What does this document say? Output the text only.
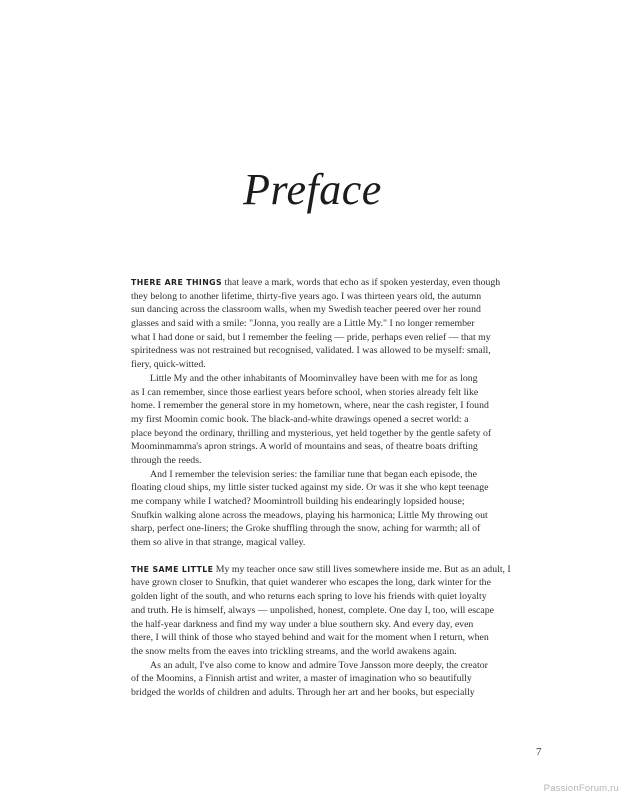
Preface
THERE ARE THINGS that leave a mark, words that echo as if spoken yesterday, even though
they belong to another lifetime, thirty-five years ago. I was thirteen years old, the autumn
sun dancing across the classroom walls, when my Swedish teacher peered over her round
glasses and said with a smile: "Jonna, you really are a Little My." I no longer remember
what I had done or said, but I remember the feeling — pride, perhaps even relief — that my
spiritedness was not restrained but recognised, validated. I was allowed to be myself: small,
fiery, quick-witted.
Little My and the other inhabitants of Moominvalley have been with me for as long
as I can remember, since those earliest years before school, when stories already felt like
home. I remember the general store in my hometown, where, near the cash register, I found
my first Moomin comic book. The black-and-white drawings opened a secret world: a
place beyond the ordinary, thrilling and mysterious, yet held together by the gentle safety of
Moominmamma's apron strings. A world of mountains and seas, of theatre boats drifting
through the reeds.
And I remember the television series: the familiar tune that began each episode, the
floating cloud ships, my little sister tucked against my side. Or was it she who kept teenage
me company while I watched? Moomintroll building his endearingly lopsided house;
Snufkin walking alone across the meadows, playing his harmonica; Little My throwing out
sharp, perfect one-liners; the Groke shuffling through the snow, aching for warmth; all of
them so alive in that strange, magical valley.
THE SAME LITTLE My my teacher once saw still lives somewhere inside me. But as an adult, I
have grown closer to Snufkin, that quiet wanderer who escapes the long, dark winter for the
golden light of the south, and who returns each spring to love his friends with quiet loyalty
and truth. He is himself, always — unpolished, honest, complete. One day I, too, will escape
the half-year darkness and find my way under a blue southern sky. And every day, even
there, I will think of those who stayed behind and wait for the moment when I return, when
the snow melts from the eaves into trickling streams, and the world awakens again.
As an adult, I've also come to know and admire Tove Jansson more deeply, the creator
of the Moomins, a Finnish artist and writer, a master of imagination who so beautifully
bridged the worlds of children and adults. Through her art and her books, but especially
7
PassionForum.ru
